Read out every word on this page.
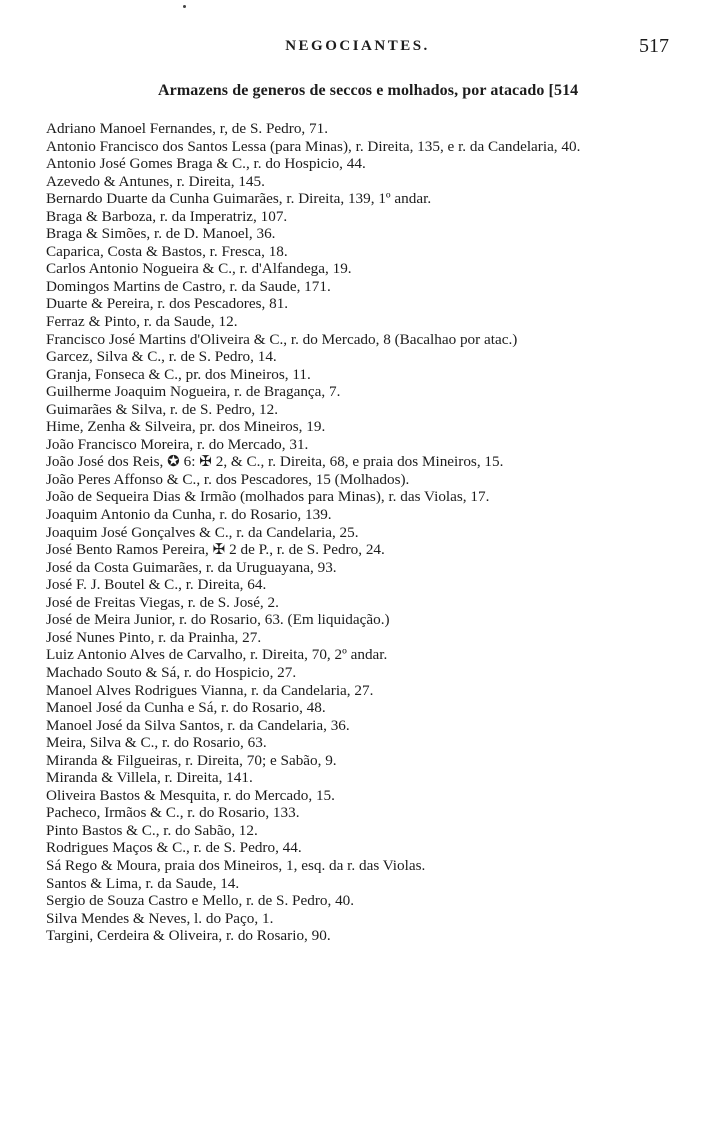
NEGOCIANTES.	517
Armazens de generos de seccos e molhados, por atacado [514
Adriano Manoel Fernandes, r, de S. Pedro, 71.
Antonio Francisco dos Santos Lessa (para Minas), r. Direita, 135, e r. da Candelaria, 40.
Antonio José Gomes Braga & C., r. do Hospicio, 44.
Azevedo & Antunes, r. Direita, 145.
Bernardo Duarte da Cunha Guimarães, r. Direita, 139, 1º andar.
Braga & Barboza, r. da Imperatriz, 107.
Braga & Simões, r. de D. Manoel, 36.
Caparica, Costa & Bastos, r. Fresca, 18.
Carlos Antonio Nogueira & C., r. d'Alfandega, 19.
Domingos Martins de Castro, r. da Saude, 171.
Duarte & Pereira, r. dos Pescadores, 81.
Ferraz & Pinto, r. da Saude, 12.
Francisco José Martins d'Oliveira & C., r. do Mercado, 8 (Bacalhao por atac.)
Garcez, Silva & C., r. de S. Pedro, 14.
Granja, Fonseca & C., pr. dos Mineiros, 11.
Guilherme Joaquim Nogueira, r. de Bragança, 7.
Guimarães & Silva, r. de S. Pedro, 12.
Hime, Zenha & Silveira, pr. dos Mineiros, 19.
João Francisco Moreira, r. do Mercado, 31.
João José dos Reis, ✪ 6: ✠ 2, & C., r. Direita, 68, e praia dos Mineiros, 15.
João Peres Affonso & C., r. dos Pescadores, 15 (Molhados).
João de Sequeira Dias & Irmão (molhados para Minas), r. das Violas, 17.
Joaquim Antonio da Cunha, r. do Rosario, 139.
Joaquim José Gonçalves & C., r. da Candelaria, 25.
José Bento Ramos Pereira, ✠ 2 de P., r. de S. Pedro, 24.
José da Costa Guimarães, r. da Uruguayana, 93.
José F. J. Boutel & C., r. Direita, 64.
José de Freitas Viegas, r. de S. José, 2.
José de Meira Junior, r. do Rosario, 63. (Em liquidação.)
José Nunes Pinto, r. da Prainha, 27.
Luiz Antonio Alves de Carvalho, r. Direita, 70, 2º andar.
Machado Souto & Sá, r. do Hospicio, 27.
Manoel Alves Rodrigues Vianna, r. da Candelaria, 27.
Manoel José da Cunha e Sá, r. do Rosario, 48.
Manoel José da Silva Santos, r. da Candelaria, 36.
Meira, Silva & C., r. do Rosario, 63.
Miranda & Filgueiras, r. Direita, 70; e Sabão, 9.
Miranda & Villela, r. Direita, 141.
Oliveira Bastos & Mesquita, r. do Mercado, 15.
Pacheco, Irmãos & C., r. do Rosario, 133.
Pinto Bastos & C., r. do Sabão, 12.
Rodrigues Maços & C., r. de S. Pedro, 44.
Sá Rego & Moura, praia dos Mineiros, 1, esq. da r. das Violas.
Santos & Lima, r. da Saude, 14.
Sergio de Souza Castro e Mello, r. de S. Pedro, 40.
Silva Mendes & Neves, l. do Paço, 1.
Targini, Cerdeira & Oliveira, r. do Rosario, 90.
